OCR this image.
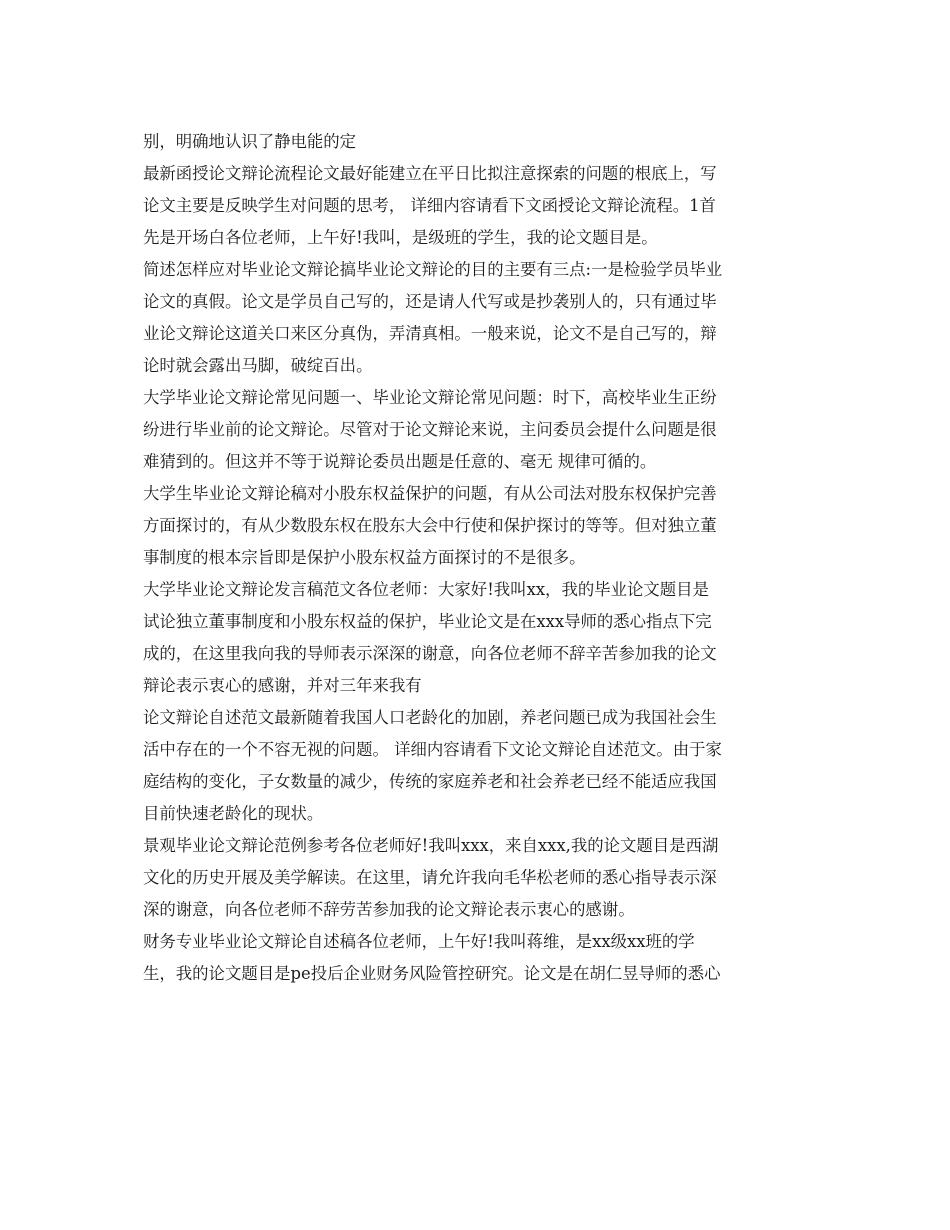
别，明确地认识了静电能的定
最新函授论文辩论流程论文最好能建立在平日比拟注意探索的问题的根底上，写
论文主要是反映学生对问题的思考， 详细内容请看下文函授论文辩论流程。1首
先是开场白各位老师，上午好!我叫，是级班的学生，我的论文题目是。
简述怎样应对毕业论文辩论搞毕业论文辩论的目的主要有三点:一是检验学员毕业
论文的真假。论文是学员自己写的，还是请人代写或是抄袭别人的，只有通过毕
业论文辩论这道关口来区分真伪，弄清真相。一般来说，论文不是自己写的，辩
论时就会露出马脚，破绽百出。
大学毕业论文辩论常见问题一、毕业论文辩论常见问题：时下，高校毕业生正纷
纷进行毕业前的论文辩论。尽管对于论文辩论来说，主问委员会提什么问题是很
难猜到的。但这并不等于说辩论委员出题是任意的、毫无 规律可循的。
大学生毕业论文辩论稿对小股东权益保护的问题，有从公司法对股东权保护完善
方面探讨的，有从少数股东权在股东大会中行使和保护探讨的等等。但对独立董
事制度的根本宗旨即是保护小股东权益方面探讨的不是很多。
大学毕业论文辩论发言稿范文各位老师：大家好!我叫xx，我的毕业论文题目是
试论独立董事制度和小股东权益的保护，毕业论文是在xxx导师的悉心指点下完
成的，在这里我向我的导师表示深深的谢意，向各位老师不辞辛苦参加我的论文
辩论表示衷心的感谢，并对三年来我有
论文辩论自述范文最新随着我国人口老龄化的加剧，养老问题已成为我国社会生
活中存在的一个不容无视的问题。 详细内容请看下文论文辩论自述范文。由于家
庭结构的变化，子女数量的减少，传统的家庭养老和社会养老已经不能适应我国
目前快速老龄化的现状。
景观毕业论文辩论范例参考各位老师好!我叫xxx，来自xxx,我的论文题目是西湖
文化的历史开展及美学解读。在这里，请允许我向毛华松老师的悉心指导表示深
深的谢意，向各位老师不辞劳苦参加我的论文辩论表示衷心的感谢。
财务专业毕业论文辩论自述稿各位老师，上午好!我叫蒋维，是xx级xx班的学
生，我的论文题目是pe投后企业财务风险管控研究。论文是在胡仁昱导师的悉心
